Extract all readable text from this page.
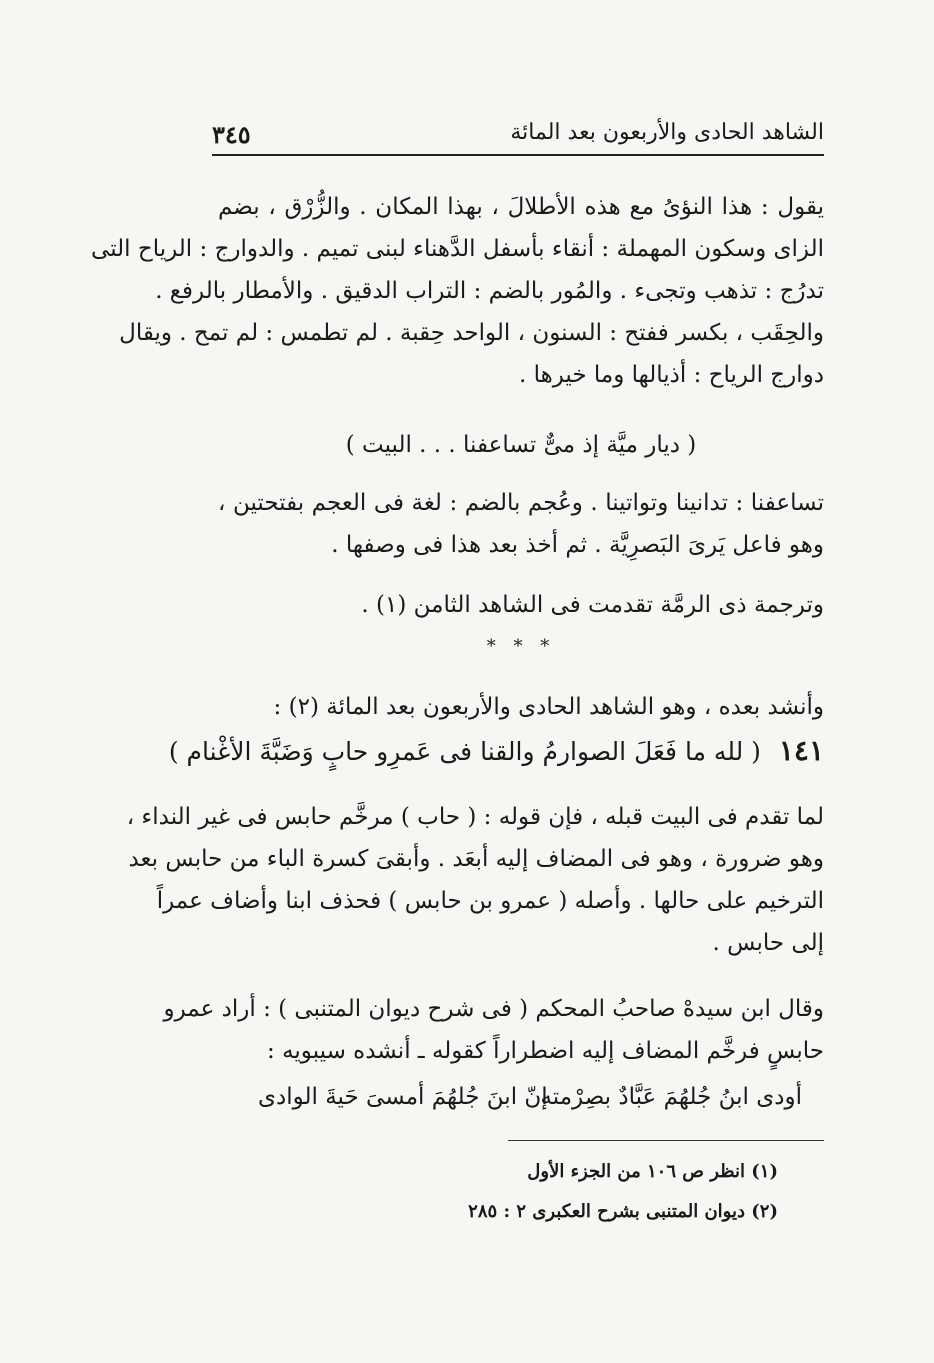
الشاهد الحادى والأربعون بعد المائة
٣٤٥
يقول : هذا النؤىُ مع هذه الأطلالَ ، بهذا المكان . والزُّرْق ، بضم
الزاى وسكون المهملة : أنقاء بأسفل الدَّهناء لبنى تميم . والدوارج : الرياح التى
تدرُج : تذهب وتجىء . والمُور بالضم : التراب الدقيق . والأمطار بالرفع .
والحِقَب ، بكسر ففتح : السنون ، الواحد حِقبة . لم تطمس : لم تمح . ويقال
دوارج الرياح : أذيالها وما خيرها .
( ديار ميَّة إذ مىٌّ تساعفنا . . . البيت )
تساعفنا : تدانينا وتواتينا . وعُجم بالضم : لغة فى العجم بفتحتين ،
وهو فاعل يَرىَ البَصرِيَّة . ثم أخذ بعد هذا فى وصفها .
وترجمة ذى الرمَّة تقدمت فى الشاهد الثامن (١) .
* * *
وأنشد بعده ، وهو الشاهد الحادى والأربعون بعد المائة (٢) :
١٤١ ( لله ما فَعَلَ الصوارمُ والقنا فى عَمرِو حابٍ وَضَبَّةَ الأغْنام )
لما تقدم فى البيت قبله ، فإن قوله : ( حاب ) مرخَّم حابس فى غير النداء ،
وهو ضرورة ، وهو فى المضاف إليه أبعَد . وأبقىَ كسرة الباء من حابس بعد
الترخيم على حالها . وأصله ( عمرو بن حابس ) فحذف ابنا وأضاف عمراً
إلى حابس .
وقال ابن سيدهْ صاحبُ المحكم ( فى شرح ديوان المتنبى ) : أراد عمرو
حابسٍ فرخَّم المضاف إليه اضطراراً كقوله ـ أنشده سيبويه :
أودى ابنُ جُلهُمَ عَبَّادٌ بصِرْمته
إنّ ابنَ جُلهُمَ أمسىَ حَيةَ الوادى
(١) انظر ص ١٠٦ من الجزء الأول
(٢) ديوان المتنبى بشرح العكبرى ٢ : ٢٨٥
